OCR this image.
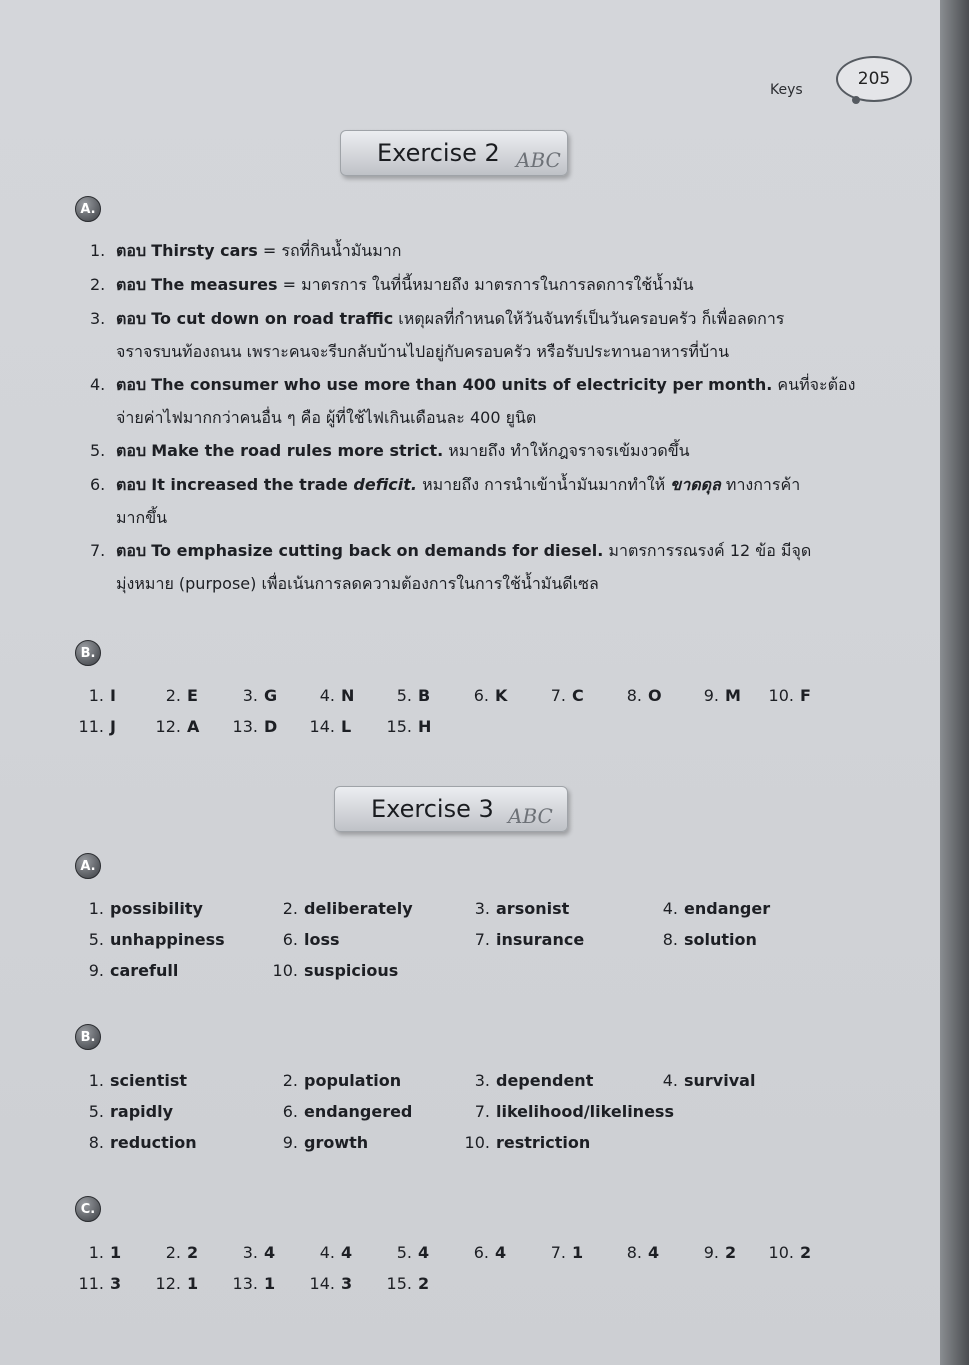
Keys
205
Exercise 2 ABC
A.
1. ตอบ Thirsty cars = รถที่กินน้ำมันมาก
2. ตอบ The measures = มาตรการ ในที่นี้หมายถึง มาตรการในการลดการใช้น้ำมัน
3. ตอบ To cut down on road traffic เหตุผลที่กำหนดให้วันจันทร์เป็นวันครอบครัว ก็เพื่อลดการ
จราจรบนท้องถนน เพราะคนจะรีบกลับบ้านไปอยู่กับครอบครัว หรือรับประทานอาหารที่บ้าน
4. ตอบ The consumer who use more than 400 units of electricity per month. คนที่จะต้อง
จ่ายค่าไฟมากกว่าคนอื่น ๆ คือ ผู้ที่ใช้ไฟเกินเดือนละ 400 ยูนิต
5. ตอบ Make the road rules more strict. หมายถึง ทำให้กฎจราจรเข้มงวดขึ้น
6. ตอบ It increased the trade deficit. หมายถึง การนำเข้าน้ำมันมากทำให้ ขาดดุล ทางการค้า
มากขึ้น
7. ตอบ To emphasize cutting back on demands for diesel. มาตรการรณรงค์ 12 ข้อ มีจุด
มุ่งหมาย (purpose) เพื่อเน้นการลดความต้องการในการใช้น้ำมันดีเซล
B.
1. I	2. E	3. G	4. N	5. B	6. K	7. C	8. O	9. M 10. F
11. J 12. A 13. D 14. L 15. H
Exercise 3 ABC
A.
1. possibility	2. deliberately	3. arsonist	4. endanger
5. unhappiness	6. loss	7. insurance	8. solution
9. carefull	10. suspicious
B.
1. scientist	2. population	3. dependent	4. survival
5. rapidly	6. endangered	7. likelihood/likeliness
8. reduction	9. growth	10. restriction
C.
1. 1	2. 2	3. 4	4. 4	5. 4	6. 4	7. 1	8. 4	9. 2 10. 2
11. 3 12. 1 13. 1 14. 3 15. 2
